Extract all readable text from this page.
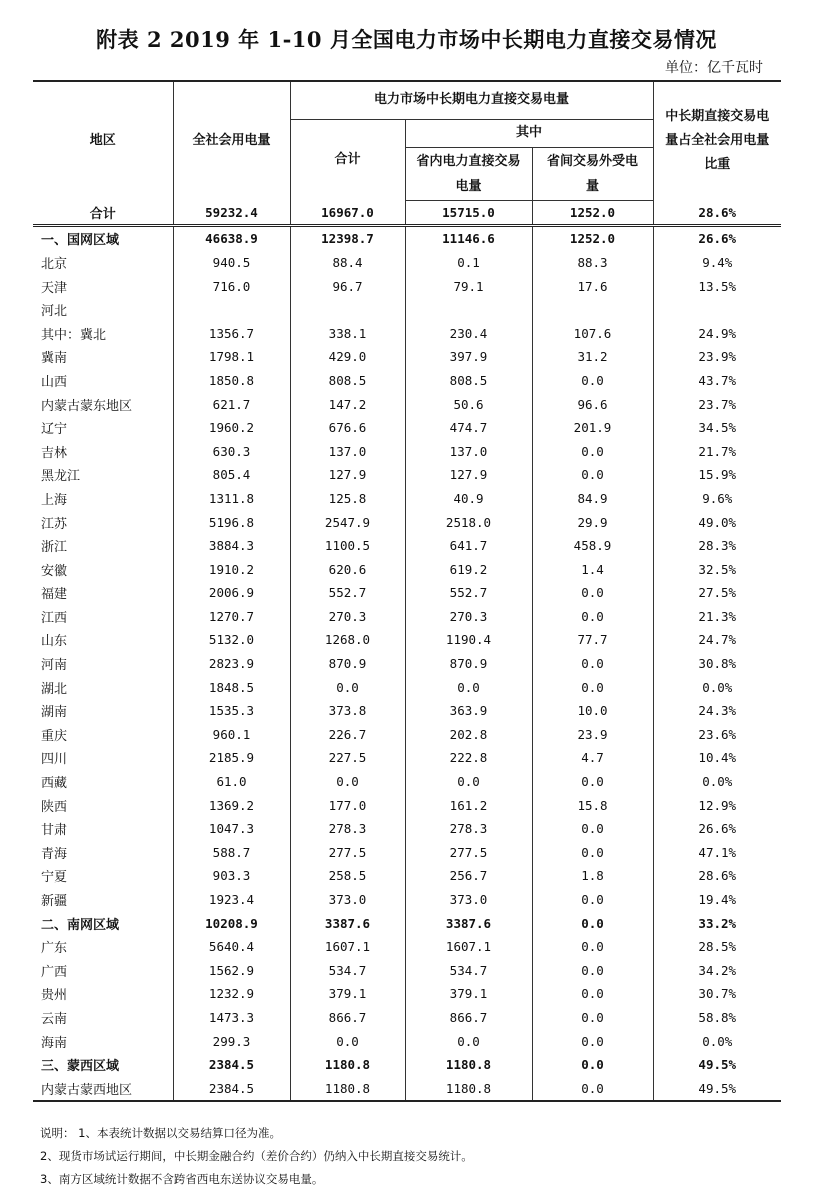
附表 2 2019 年 1-10 月全国电力市场中长期电力直接交易情况
单位：亿千瓦时
地区	全社会用电量	电力市场中长期电力直接交易电量			中长期直接交易电量占全社会用电量比重
		合计	其中		
			省内电力直接交易电量	省间交易外受电量	
合计	59232.4	16967.0	15715.0	1252.0	28.6%
一、国网区域	46638.9	12398.7	11146.6	1252.0	26.6%
北京	940.5	88.4	0.1	88.3	9.4%
天津	716.0	96.7	79.1	17.6	13.5%
河北					
其中：冀北	1356.7	338.1	230.4	107.6	24.9%
冀南	1798.1	429.0	397.9	31.2	23.9%
山西	1850.8	808.5	808.5	0.0	43.7%
内蒙古蒙东地区	621.7	147.2	50.6	96.6	23.7%
辽宁	1960.2	676.6	474.7	201.9	34.5%
吉林	630.3	137.0	137.0	0.0	21.7%
黑龙江	805.4	127.9	127.9	0.0	15.9%
上海	1311.8	125.8	40.9	84.9	9.6%
江苏	5196.8	2547.9	2518.0	29.9	49.0%
浙江	3884.3	1100.5	641.7	458.9	28.3%
安徽	1910.2	620.6	619.2	1.4	32.5%
福建	2006.9	552.7	552.7	0.0	27.5%
江西	1270.7	270.3	270.3	0.0	21.3%
山东	5132.0	1268.0	1190.4	77.7	24.7%
河南	2823.9	870.9	870.9	0.0	30.8%
湖北	1848.5	0.0	0.0	0.0	0.0%
湖南	1535.3	373.8	363.9	10.0	24.3%
重庆	960.1	226.7	202.8	23.9	23.6%
四川	2185.9	227.5	222.8	4.7	10.4%
西藏	61.0	0.0	0.0	0.0	0.0%
陕西	1369.2	177.0	161.2	15.8	12.9%
甘肃	1047.3	278.3	278.3	0.0	26.6%
青海	588.7	277.5	277.5	0.0	47.1%
宁夏	903.3	258.5	256.7	1.8	28.6%
新疆	1923.4	373.0	373.0	0.0	19.4%
二、南网区域	10208.9	3387.6	3387.6	0.0	33.2%
广东	5640.4	1607.1	1607.1	0.0	28.5%
广西	1562.9	534.7	534.7	0.0	34.2%
贵州	1232.9	379.1	379.1	0.0	30.7%
云南	1473.3	866.7	866.7	0.0	58.8%
海南	299.3	0.0	0.0	0.0	0.0%
三、蒙西区域	2384.5	1180.8	1180.8	0.0	49.5%
内蒙古蒙西地区	2384.5	1180.8	1180.8	0.0	49.5%
说明： 1、本表统计数据以交易结算口径为准。
2、现货市场试运行期间，中长期金融合约（差价合约）仍纳入中长期直接交易统计。
3、南方区域统计数据不含跨省西电东送协议交易电量。
